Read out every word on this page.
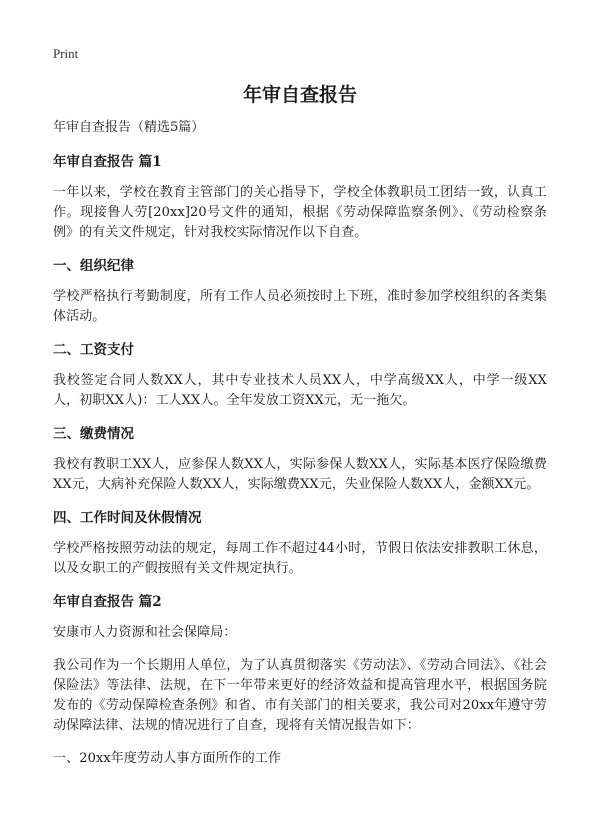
Print
年审自查报告

年审自查报告（精选5篇）

年审自查报告 篇1

一年以来，学校在教育主管部门的关心指导下，学校全体教职员工团结一致，认真工作。现接鲁人劳[20xx]20号文件的通知，根据《劳动保障监察条例》、《劳动检察条例》的有关文件规定，针对我校实际情况作以下自查。

一、组织纪律

学校严格执行考勤制度，所有工作人员必须按时上下班，准时参加学校组织的各类集体活动。

二、工资支付

我校签定合同人数XX人，其中专业技术人员XX人，中学高级XX人，中学一级XX人，初职XX人)：工人XX人。全年发放工资XX元，无一拖欠。

三、缴费情况

我校有教职工XX人，应参保人数XX人，实际参保人数XX人，实际基本医疗保险缴费XX元，大病补充保险人数XX人，实际缴费XX元，失业保险人数XX人，金额XX元。

四、工作时间及休假情况

学校严格按照劳动法的规定，每周工作不超过44小时，节假日依法安排教职工休息，以及女职工的产假按照有关文件规定执行。

年审自查报告 篇2

安康市人力资源和社会保障局：

我公司作为一个长期用人单位，为了认真贯彻落实《劳动法》、《劳动合同法》、《社会保险法》等法律、法规，在下一年带来更好的经济效益和提高管理水平，根据国务院发布的《劳动保障检查条例》和省、市有关部门的相关要求，我公司对20xx年遵守劳动保障法律、法规的情况进行了自查，现将有关情况报告如下：

一、20xx年度劳动人事方面所作的工作
